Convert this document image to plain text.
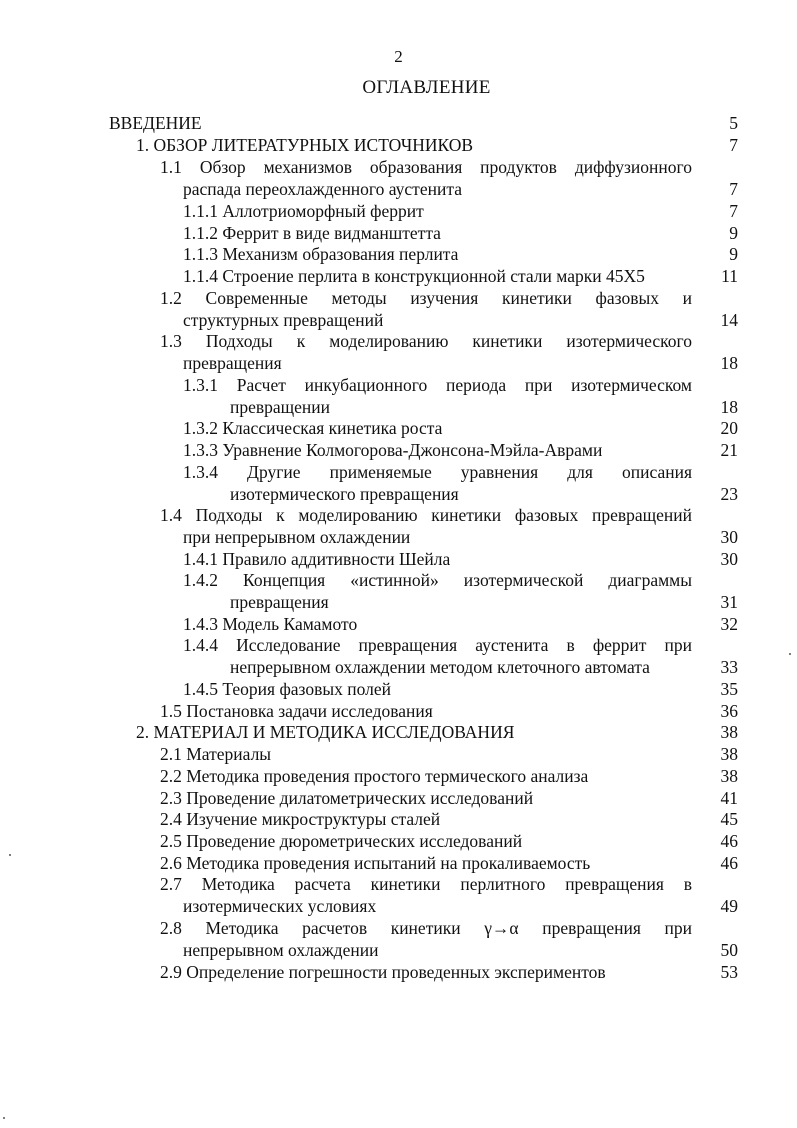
2
ОГЛАВЛЕНИЕ
ВВЕДЕНИЕ	5
1. ОБЗОР ЛИТЕРАТУРНЫХ ИСТОЧНИКОВ	7
1.1 Обзор механизмов образования продуктов диффузионного
распада переохлажденного аустенита	7
1.1.1 Аллотриоморфный феррит	7
1.1.2 Феррит в виде видманштетта	9
1.1.3 Механизм образования перлита	9
1.1.4 Строение перлита в конструкционной стали марки 45Х5	11
1.2 Современные методы изучения кинетики фазовых и
структурных превращений	14
1.3 Подходы к моделированию кинетики изотермического
превращения	18
1.3.1 Расчет инкубационного периода при изотермическом
превращении	18
1.3.2 Классическая кинетика роста	20
1.3.3 Уравнение Колмогорова-Джонсона-Мэйла-Аврами	21
1.3.4 Другие применяемые уравнения для описания
изотермического превращения	23
1.4 Подходы к моделированию кинетики фазовых превращений
при непрерывном охлаждении	30
1.4.1 Правило аддитивности Шейла	30
1.4.2 Концепция «истинной» изотермической диаграммы
превращения	31
1.4.3 Модель Камамото	32
1.4.4 Исследование превращения аустенита в феррит при
непрерывном охлаждении методом клеточного автомата	33
1.4.5 Теория фазовых полей	35
1.5 Постановка задачи исследования	36
2. МАТЕРИАЛ И МЕТОДИКА ИССЛЕДОВАНИЯ	38
2.1 Материалы	38
2.2 Методика проведения простого термического анализа	38
2.3 Проведение дилатометрических исследований	41
2.4 Изучение микроструктуры сталей	45
2.5 Проведение дюрометрических исследований	46
2.6 Методика проведения испытаний на прокаливаемость	46
2.7 Методика расчета кинетики перлитного превращения в
изотермических условиях	49
2.8 Методика расчетов кинетики γ→α превращения при
непрерывном охлаждении	50
2.9 Определение погрешности проведенных экспериментов	53
